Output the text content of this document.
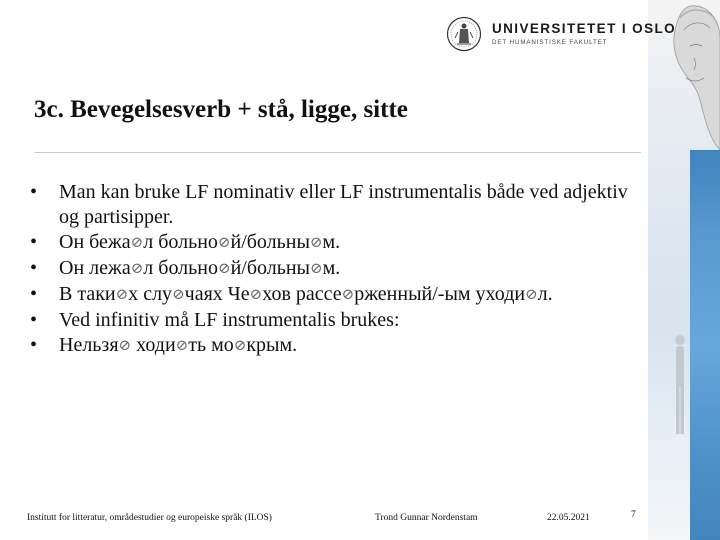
UNIVERSITETET I OSLO
DET HUMANISTISKE FAKULTET
3c. Bevegelsesverb + stå, ligge, sitte
• Man kan bruke LF nominativ eller LF instrumentalis både ved adjektiv og partisipper.
• Он бежа⊘л больно⊘й/больны⊘м.
• Он лежа⊘л больно⊘й/больны⊘м.
• В таки⊘х слу⊘чаях Че⊘хов рассе⊘рженный/-ым уходи⊘л.
• Ved infinitiv må LF instrumentalis brukes:
• Нельзя⊘ ходи⊘ть мо⊘крым.
Institutt for litteratur, områdestudier og europeiske språk (ILOS)	Trond Gunnar Nordenstam	22.05.2021	7
